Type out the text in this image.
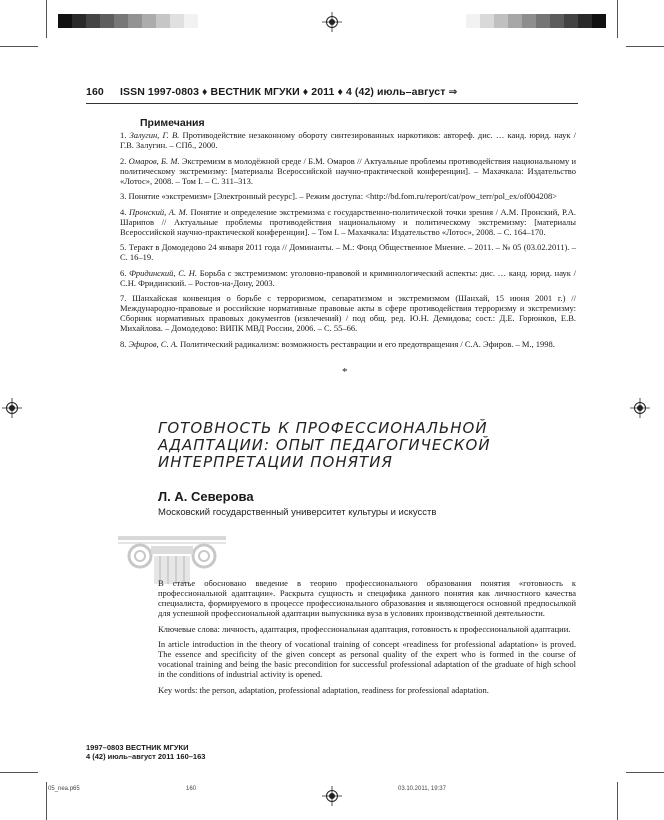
160 ISSN 1997-0803 ♦ ВЕСТНИК МГУКИ ♦ 2011 ♦ 4 (42) июль–август ⇒
Примечания

1. Залугин, Г. В. Противодействие незаконному обороту синтезированных наркотиков: автореф. дис. … канд. юрид. наук / Г.В. Залугин. – СПб., 2000.

2. Омаров, Б. М. Экстремизм в молодёжной среде / Б.М. Омаров // Актуальные проблемы противодействия национальному и политическому экстремизму: [материалы Всероссийской научно-практической конференции]. – Махачкала: Издательство «Лотос», 2008. – Том I. – С. 311–313.

3. Понятие «экстремизм» [Электронный ресурс]. – Режим доступа: <http://bd.fom.ru/report/cat/pow_terr/pol_ex/of004208>

4. Пронский, А. М. Понятие и определение экстремизма с государственно-политической точки зрения / А.М. Пронский, Р.А. Шарипов // Актуальные проблемы противодействия национальному и политическому экстремизму: [материалы Всероссийской научно-практической конференции]. – Том I. – Махачкала: Издательство «Лотос», 2008. – С. 164–170.

5. Теракт в Домодедово 24 января 2011 года // Доминанты. – М.: Фонд Общественное Мнение. – 2011. – № 05 (03.02.2011). – С. 16–19.

6. Фридинский, С. Н. Борьба с экстремизмом: уголовно-правовой и криминологический аспекты: дис. … канд. юрид. наук / С.Н. Фридинский. – Ростов-на-Дону, 2003.

7. Шанхайская конвенция о борьбе с терроризмом, сепаратизмом и экстремизмом (Шанхай, 15 июня 2001 г.) // Международно-правовые и российские нормативные правовые акты в сфере противодействия терроризму и экстремизму: Сборник нормативных правовых документов (извлечений) / под общ. ред. Ю.Н. Демидова; сост.: Д.Е. Горюнков, Е.В. Михайлова. – Домодедово: ВИПК МВД России, 2006. – С. 55–66.

8. Эфиров, С. А. Политический радикализм: возможность реставрации и его предотвращения / С.А. Эфиров. – М., 1998.

*
ГОТОВНОСТЬ К ПРОФЕССИОНАЛЬНОЙ АДАПТАЦИИ: ОПЫТ ПЕДАГОГИЧЕСКОЙ ИНТЕРПРЕТАЦИИ ПОНЯТИЯ
Л. А. Северова
Московский государственный университет культуры и искусств

В статье обосновано введение в теорию профессионального образования понятия «готовность к профессиональной адаптации». Раскрыта сущность и специфика данного понятия как личностного качества специалиста, формируемого в процессе профессионального образования и являющегося основной предпосылкой для успешной профессиональной адаптации выпускника вуза в условиях производственной деятельности.

Ключевые слова: личность, адаптация, профессиональная адаптация, готовность к профессиональной адаптации.

In article introduction in the theory of vocational training of concept «readiness for professional adaptation» is proved. The essence and specificity of the given concept as personal quality of the expert who is formed in the course of vocational training and being the basic precondition for successful professional adaptation of the graduate of high school in the conditions of industrial activity is opened.

Key words: the person, adaptation, professional adaptation, readiness for professional adaptation.

1997–0803 ВЕСТНИК МГУКИ
4 (42) июль–август 2011 160–163
05_nea.p65	160	03.10.2011, 19:37
